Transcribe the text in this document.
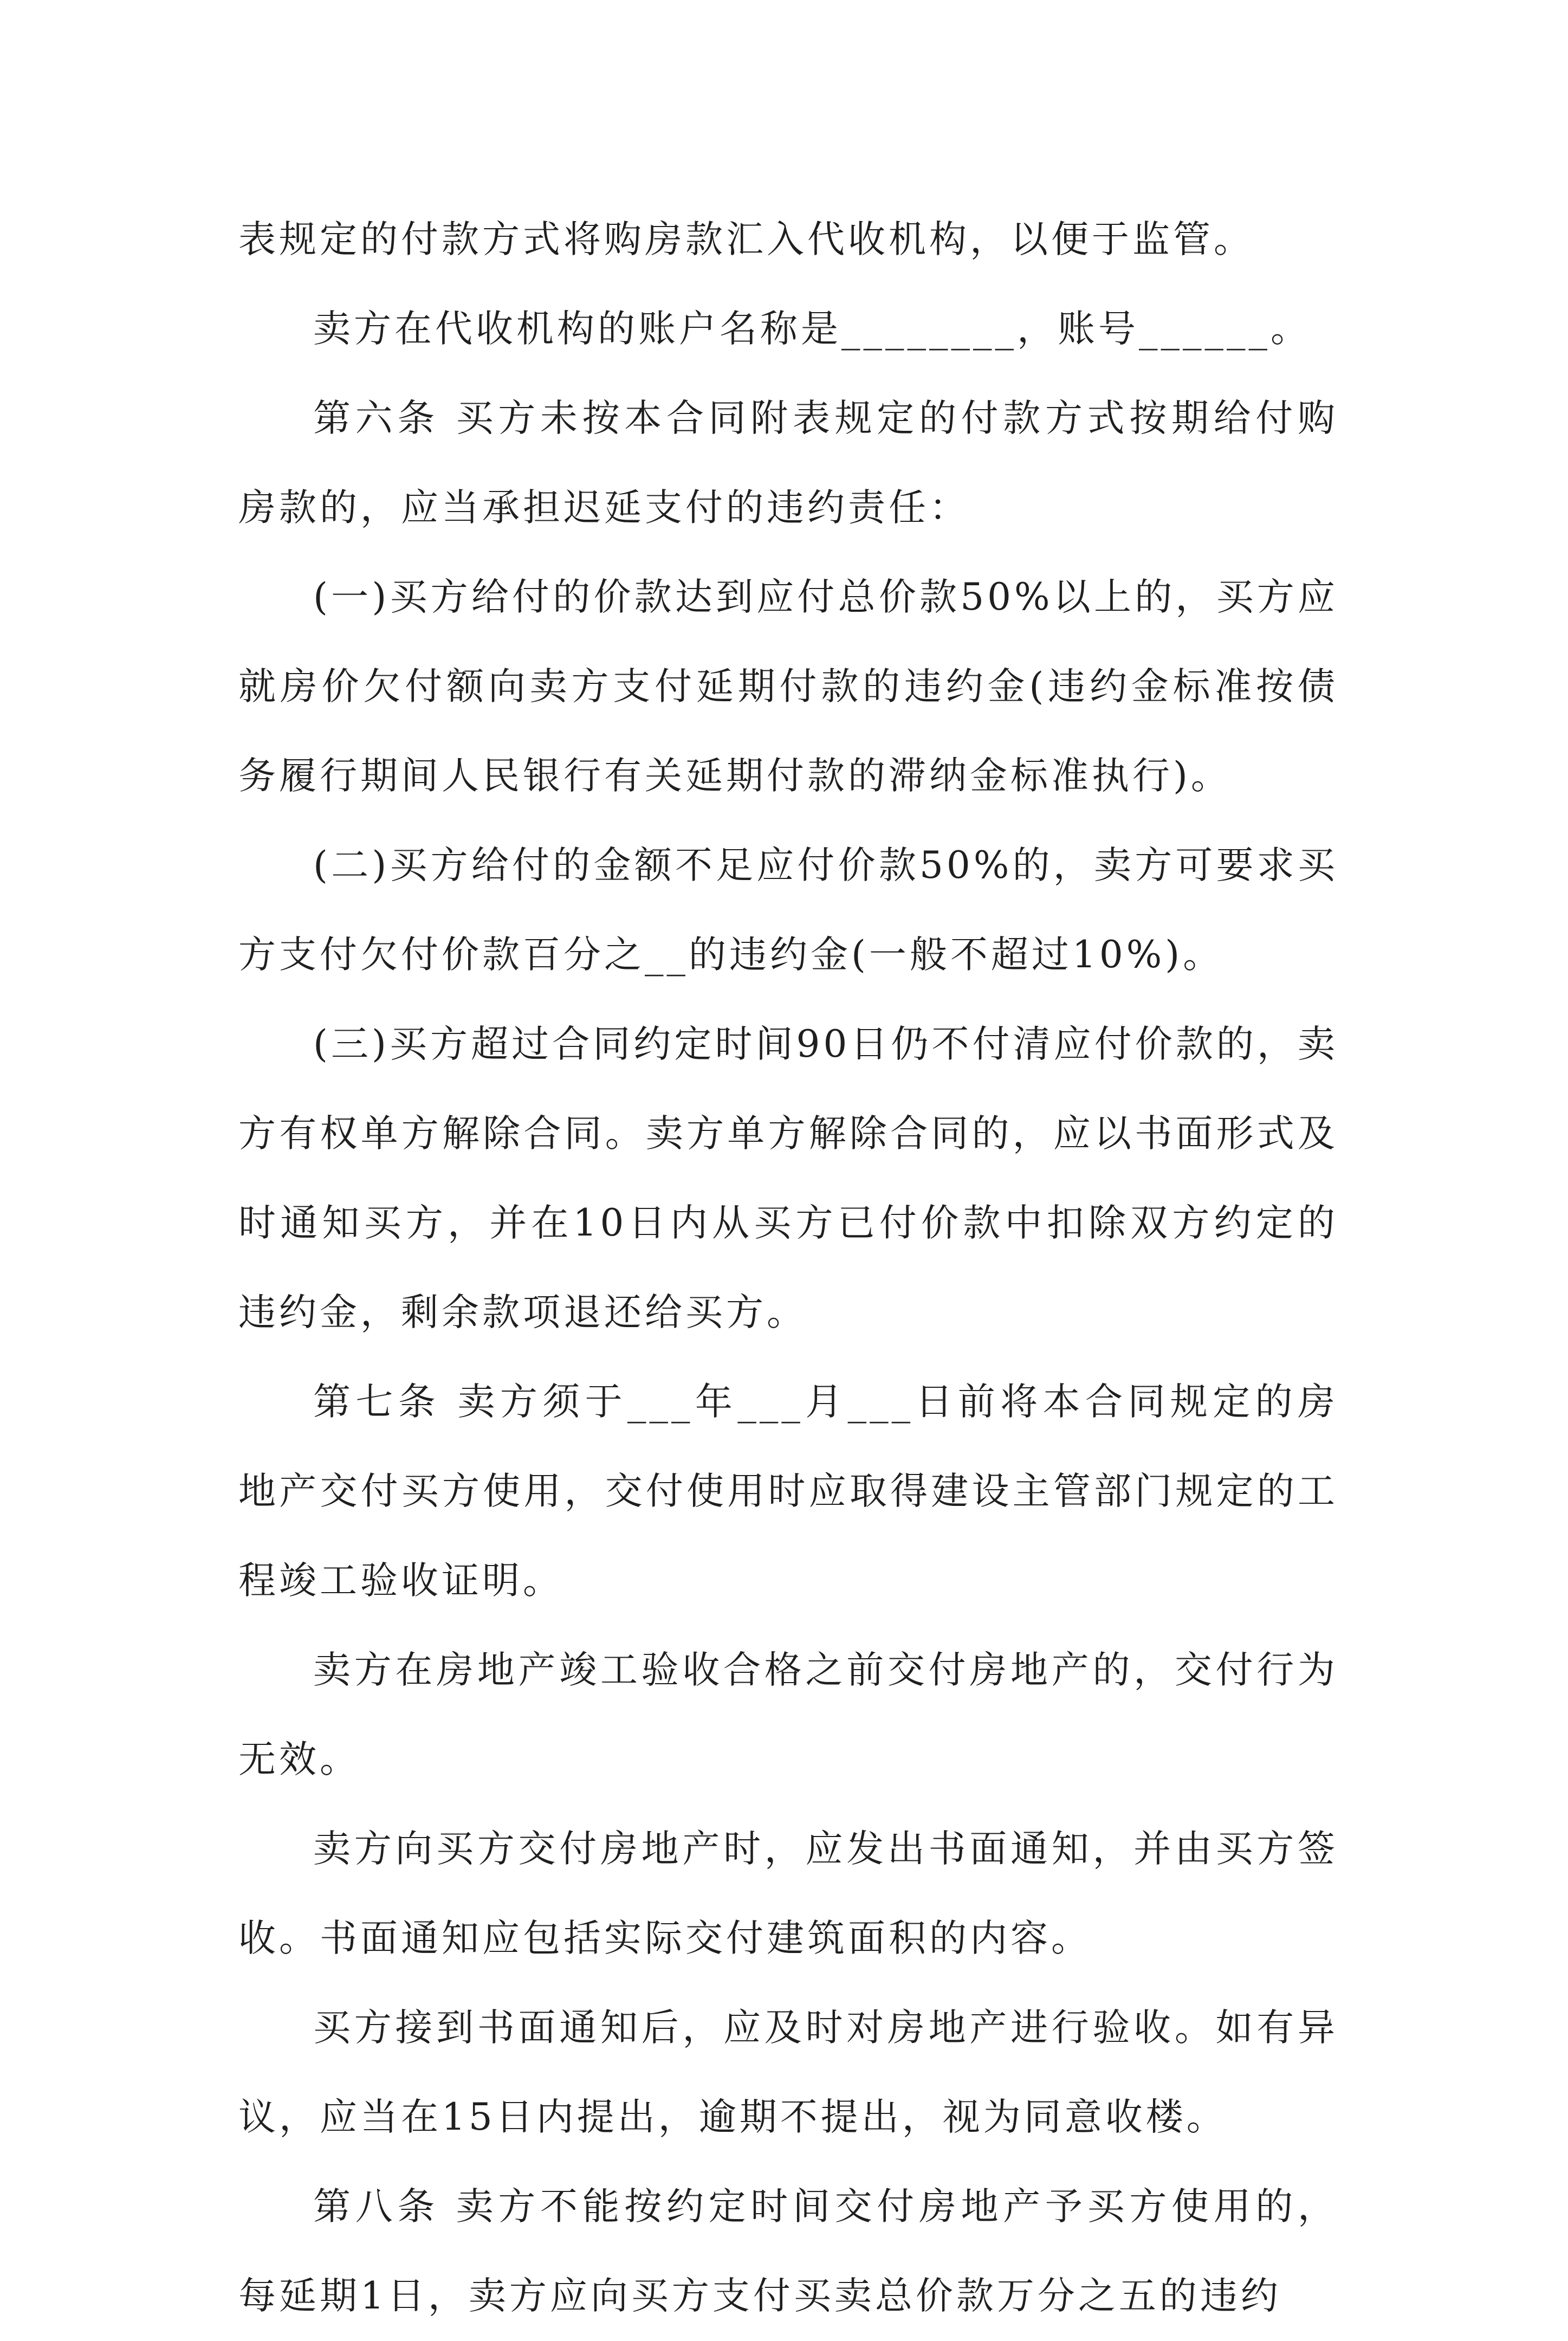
表规定的付款方式将购房款汇入代收机构，以便于监管。

卖方在代收机构的账户名称是________，账号______。

第六条 买方未按本合同附表规定的付款方式按期给付购房款的，应当承担迟延支付的违约责任：

(一)买方给付的价款达到应付总价款50%以上的，买方应就房价欠付额向卖方支付延期付款的违约金(违约金标准按债务履行期间人民银行有关延期付款的滞纳金标准执行)。

(二)买方给付的金额不足应付价款50%的，卖方可要求买方支付欠付价款百分之__的违约金(一般不超过10%)。

(三)买方超过合同约定时间90日仍不付清应付价款的，卖方有权单方解除合同。卖方单方解除合同的，应以书面形式及时通知买方，并在10日内从买方已付价款中扣除双方约定的违约金，剩余款项退还给买方。

第七条 卖方须于___年___月___日前将本合同规定的房地产交付买方使用，交付使用时应取得建设主管部门规定的工程竣工验收证明。

卖方在房地产竣工验收合格之前交付房地产的，交付行为无效。

卖方向买方交付房地产时，应发出书面通知，并由买方签收。书面通知应包括实际交付建筑面积的内容。

买方接到书面通知后，应及时对房地产进行验收。如有异议，应当在15日内提出，逾期不提出，视为同意收楼。

第八条 卖方不能按约定时间交付房地产予买方使用的，每延期1日，卖方应向买方支付买卖总价款万分之五的违约
